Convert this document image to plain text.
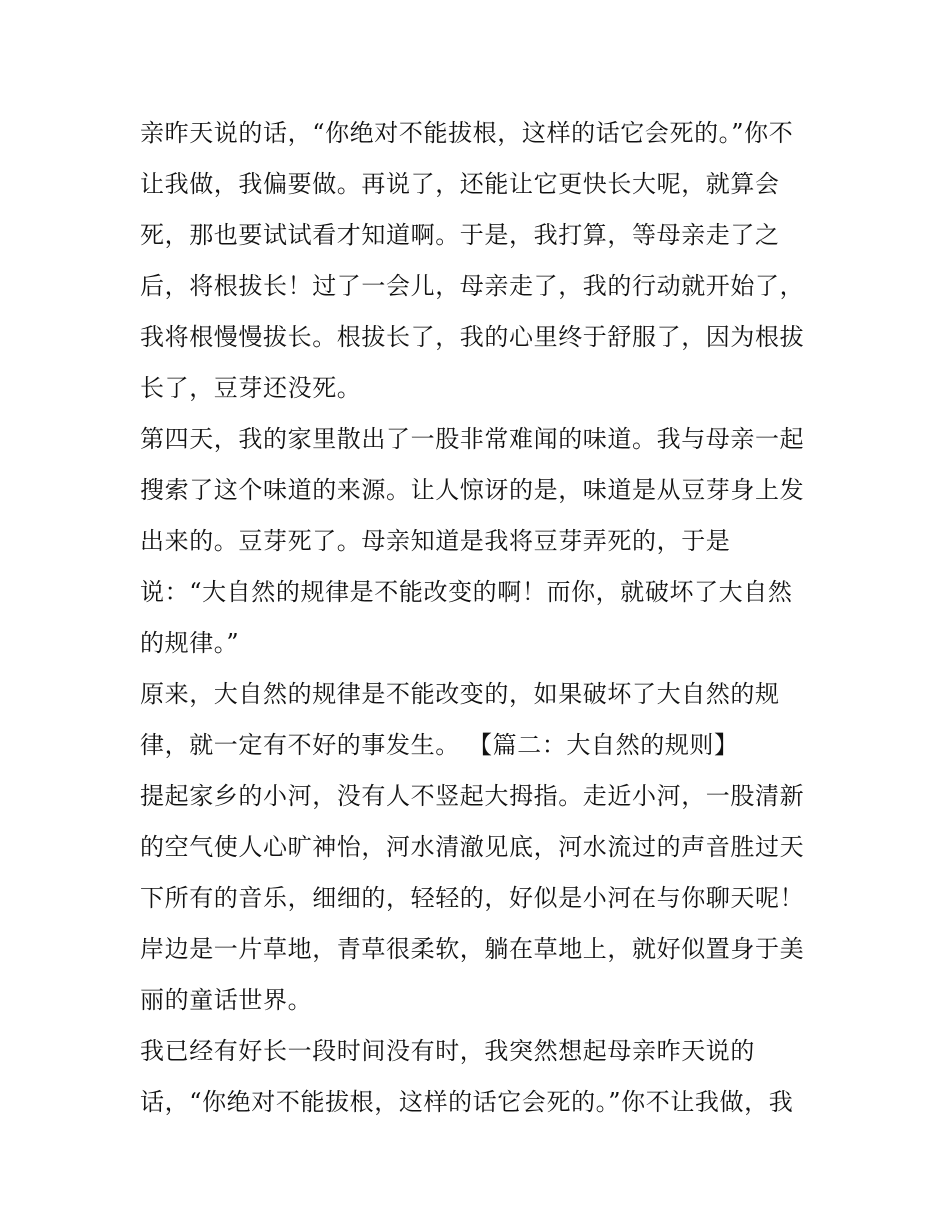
亲昨天说的话，“你绝对不能拔根，这样的话它会死的。”你不
让我做，我偏要做。再说了，还能让它更快长大呢，就算会
死，那也要试试看才知道啊。于是，我打算，等母亲走了之
后，将根拔长！过了一会儿，母亲走了，我的行动就开始了，
我将根慢慢拔长。根拔长了，我的心里终于舒服了，因为根拔
长了，豆芽还没死。
第四天，我的家里散出了一股非常难闻的味道。我与母亲一起
搜索了这个味道的来源。让人惊讶的是，味道是从豆芽身上发
出来的。豆芽死了。母亲知道是我将豆芽弄死的，于是
说：“大自然的规律是不能改变的啊！而你，就破坏了大自然
的规律。”
原来，大自然的规律是不能改变的，如果破坏了大自然的规
律，就一定有不好的事发生。 【篇二：大自然的规则】
提起家乡的小河，没有人不竖起大拇指。走近小河，一股清新
的空气使人心旷神怡，河水清澈见底，河水流过的声音胜过天
下所有的音乐，细细的，轻轻的，好似是小河在与你聊天呢！
岸边是一片草地，青草很柔软，躺在草地上，就好似置身于美
丽的童话世界。
我已经有好长一段时间没有时，我突然想起母亲昨天说的
话，“你绝对不能拔根，这样的话它会死的。”你不让我做，我
